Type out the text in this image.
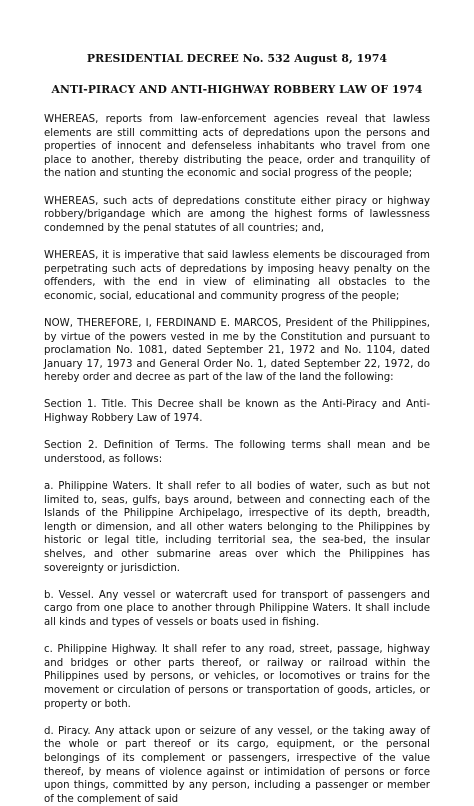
PRESIDENTIAL DECREE No. 532 August 8, 1974

ANTI-PIRACY AND ANTI-HIGHWAY ROBBERY LAW OF 1974

WHEREAS, reports from law-enforcement agencies reveal that lawless elements are still committing acts of depredations upon the persons and properties of innocent and defenseless inhabitants who travel from one place to another, thereby distributing the peace, order and tranquility of the nation and stunting the economic and social progress of the people;

WHEREAS, such acts of depredations constitute either piracy or highway robbery/brigandage which are among the highest forms of lawlessness condemned by the penal statutes of all countries; and,

WHEREAS, it is imperative that said lawless elements be discouraged from perpetrating such acts of depredations by imposing heavy penalty on the offenders, with the end in view of eliminating all obstacles to the economic, social, educational and community progress of the people;

NOW, THEREFORE, I, FERDINAND E. MARCOS, President of the Philippines, by virtue of the powers vested in me by the Constitution and pursuant to proclamation No. 1081, dated September 21, 1972 and No. 1104, dated January 17, 1973 and General Order No. 1, dated September 22, 1972, do hereby order and decree as part of the law of the land the following:

Section 1. Title. This Decree shall be known as the Anti-Piracy and Anti-Highway Robbery Law of 1974.

Section 2. Definition of Terms. The following terms shall mean and be understood, as follows:

a. Philippine Waters. It shall refer to all bodies of water, such as but not limited to, seas, gulfs, bays around, between and connecting each of the Islands of the Philippine Archipelago, irrespective of its depth, breadth, length or dimension, and all other waters belonging to the Philippines by historic or legal title, including territorial sea, the sea-bed, the insular shelves, and other submarine areas over which the Philippines has sovereignty or jurisdiction.

b. Vessel. Any vessel or watercraft used for transport of passengers and cargo from one place to another through Philippine Waters. It shall include all kinds and types of vessels or boats used in fishing.

c. Philippine Highway. It shall refer to any road, street, passage, highway and bridges or other parts thereof, or railway or railroad within the Philippines used by persons, or vehicles, or locomotives or trains for the movement or circulation of persons or transportation of goods, articles, or property or both.

d. Piracy. Any attack upon or seizure of any vessel, or the taking away of the whole or part thereof or its cargo, equipment, or the personal belongings of its complement or passengers, irrespective of the value thereof, by means of violence against or intimidation of persons or force upon things, committed by any person, including a passenger or member of the complement of said
